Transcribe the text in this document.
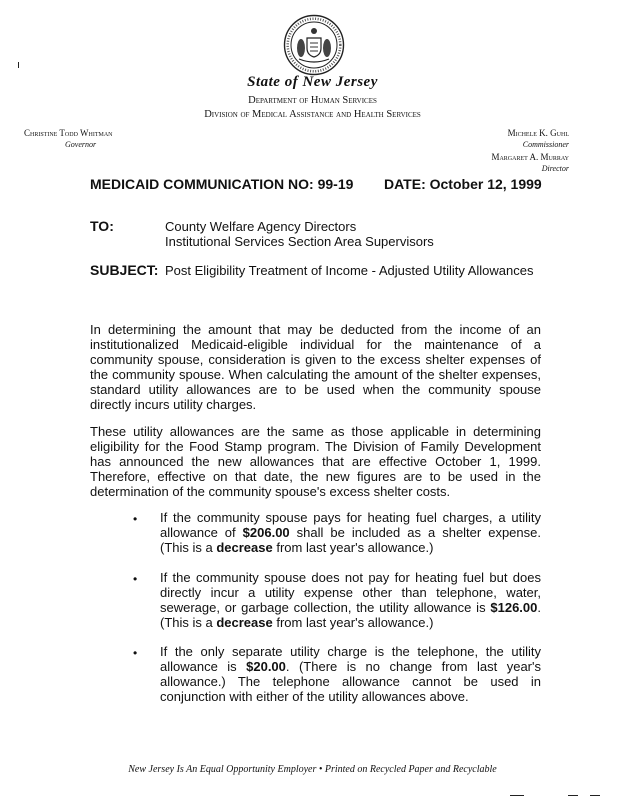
State of New Jersey
Department of Human Services
Division of Medical Assistance and Health Services
Christine Todd Whitman
Governor
Michele K. Guhl
Commissioner
Margaret A. Murray
Director
MEDICAID COMMUNICATION NO: 99-19 DATE: October 12, 1999
TO:	County Welfare Agency Directors
Institutional Services Section Area Supervisors
SUBJECT: Post Eligibility Treatment of Income - Adjusted Utility Allowances

In determining the amount that may be deducted from the income of an institutionalized Medicaid-eligible individual for the maintenance of a community spouse, consideration is given to the excess shelter expenses of the community spouse. When calculating the amount of the shelter expenses, standard utility allowances are to be used when the community spouse directly incurs utility charges.

These utility allowances are the same as those applicable in determining eligibility for the Food Stamp program. The Division of Family Development has announced the new allowances that are effective October 1, 1999. Therefore, effective on that date, the new figures are to be used in the determination of the community spouse's excess shelter costs.

• If the community spouse pays for heating fuel charges, a utility allowance of $206.00 shall be included as a shelter expense. (This is a decrease from last year's allowance.)

• If the community spouse does not pay for heating fuel but does directly incur a utility expense other than telephone, water, sewerage, or garbage collection, the utility allowance is $126.00. (This is a decrease from last year's allowance.)

• If the only separate utility charge is the telephone, the utility allowance is $20.00. (There is no change from last year's allowance.) The telephone allowance cannot be used in conjunction with either of the utility allowances above.

New Jersey Is An Equal Opportunity Employer • Printed on Recycled Paper and Recyclable
